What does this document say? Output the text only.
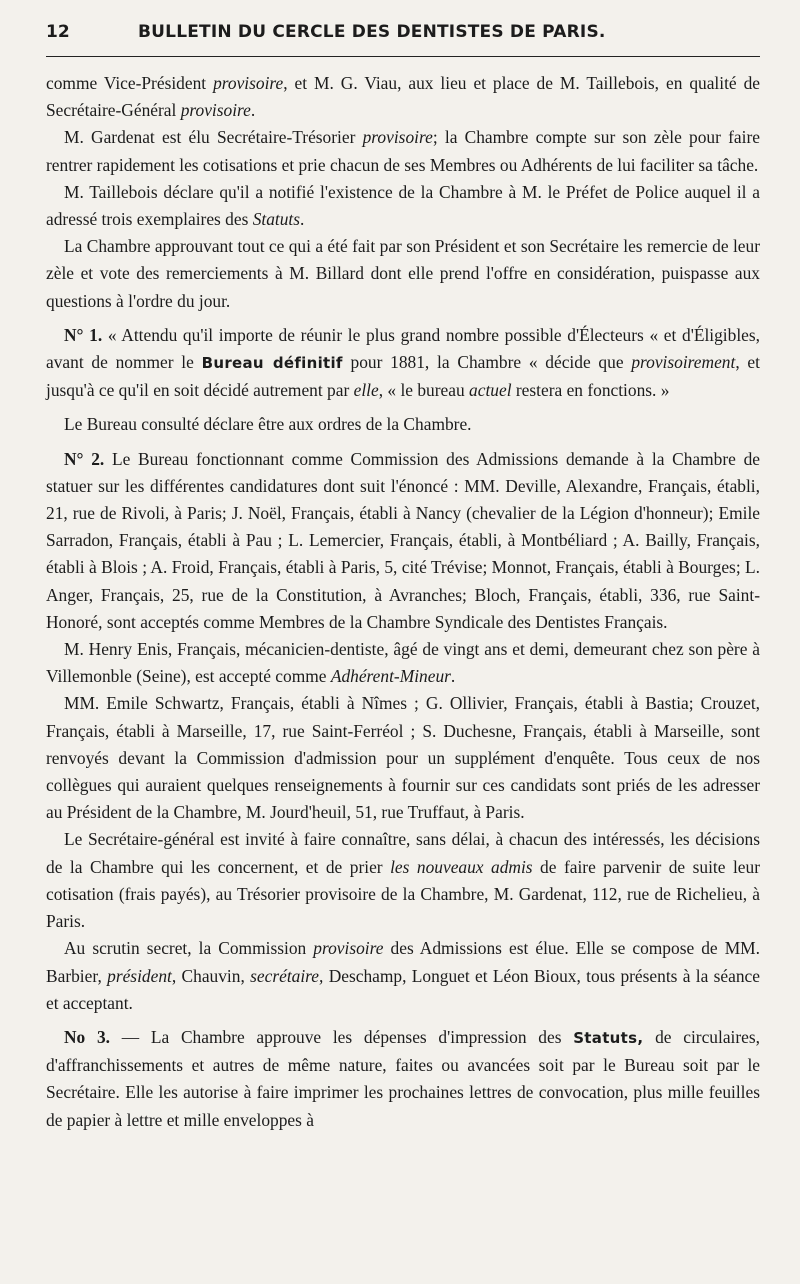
12	BULLETIN DU CERCLE DES DENTISTES DE PARIS.

comme Vice-Président provisoire, et M. G. Viau, aux lieu et place de M. Taillebois, en qualité de Secrétaire-Général provisoire.

M. Gardenat est élu Secrétaire-Trésorier provisoire; la Chambre compte sur son zèle pour faire rentrer rapidement les cotisations et prie chacun de ses Membres ou Adhérents de lui faciliter sa tâche.

M. Taillebois déclare qu'il a notifié l'existence de la Chambre à M. le Préfet de Police auquel il a adressé trois exemplaires des Statuts.

La Chambre approuvant tout ce qui a été fait par son Président et son Secrétaire les remercie de leur zèle et vote des remerciements à M. Billard dont elle prend l'offre en considération, puispasse aux questions à l'ordre du jour.

N° 1. « Attendu qu'il importe de réunir le plus grand nombre possible d'Électeurs « et d'Éligibles, avant de nommer le Bureau définitif pour 1881, la Chambre « décide que provisoirement, et jusqu'à ce qu'il en soit décidé autrement par elle, « le bureau actuel restera en fonctions. »

Le Bureau consulté déclare être aux ordres de la Chambre.

N° 2. Le Bureau fonctionnant comme Commission des Admissions demande à la Chambre de statuer sur les différentes candidatures dont suit l'énoncé : MM. Deville, Alexandre, Français, établi, 21, rue de Rivoli, à Paris; J. Noël, Français, établi à Nancy (chevalier de la Légion d'honneur); Emile Sarradon, Français, établi à Pau ; L. Lemercier, Français, établi, à Montbéliard ; A. Bailly, Français, établi à Blois ; A. Froid, Français, établi à Paris, 5, cité Trévise; Monnot, Français, établi à Bourges; L. Anger, Français, 25, rue de la Constitution, à Avranches; Bloch, Français, établi, 336, rue Saint-Honoré, sont acceptés comme Membres de la Chambre Syndicale des Dentistes Français.

M. Henry Enis, Français, mécanicien-dentiste, âgé de vingt ans et demi, demeurant chez son père à Villemonble (Seine), est accepté comme Adhérent-Mineur.

MM. Emile Schwartz, Français, établi à Nîmes ; G. Ollivier, Français, établi à Bastia; Crouzet, Français, établi à Marseille, 17, rue Saint-Ferréol ; S. Duchesne, Français, établi à Marseille, sont renvoyés devant la Commission d'admission pour un supplément d'enquête. Tous ceux de nos collègues qui auraient quelques renseignements à fournir sur ces candidats sont priés de les adresser au Président de la Chambre, M. Jourd'heuil, 51, rue Truffaut, à Paris.

Le Secrétaire-général est invité à faire connaître, sans délai, à chacun des intéressés, les décisions de la Chambre qui les concernent, et de prier les nouveaux admis de faire parvenir de suite leur cotisation (frais payés), au Trésorier provisoire de la Chambre, M. Gardenat, 112, rue de Richelieu, à Paris.

Au scrutin secret, la Commission provisoire des Admissions est élue. Elle se compose de MM. Barbier, président, Chauvin, secrétaire, Deschamp, Longuet et Léon Bioux, tous présents à la séance et acceptant.

No 3. — La Chambre approuve les dépenses d'impression des Statuts, de circulaires, d'affranchissements et autres de même nature, faites ou avancées soit par le Bureau soit par le Secrétaire. Elle les autorise à faire imprimer les prochaines lettres de convocation, plus mille feuilles de papier à lettre et mille enveloppes à
